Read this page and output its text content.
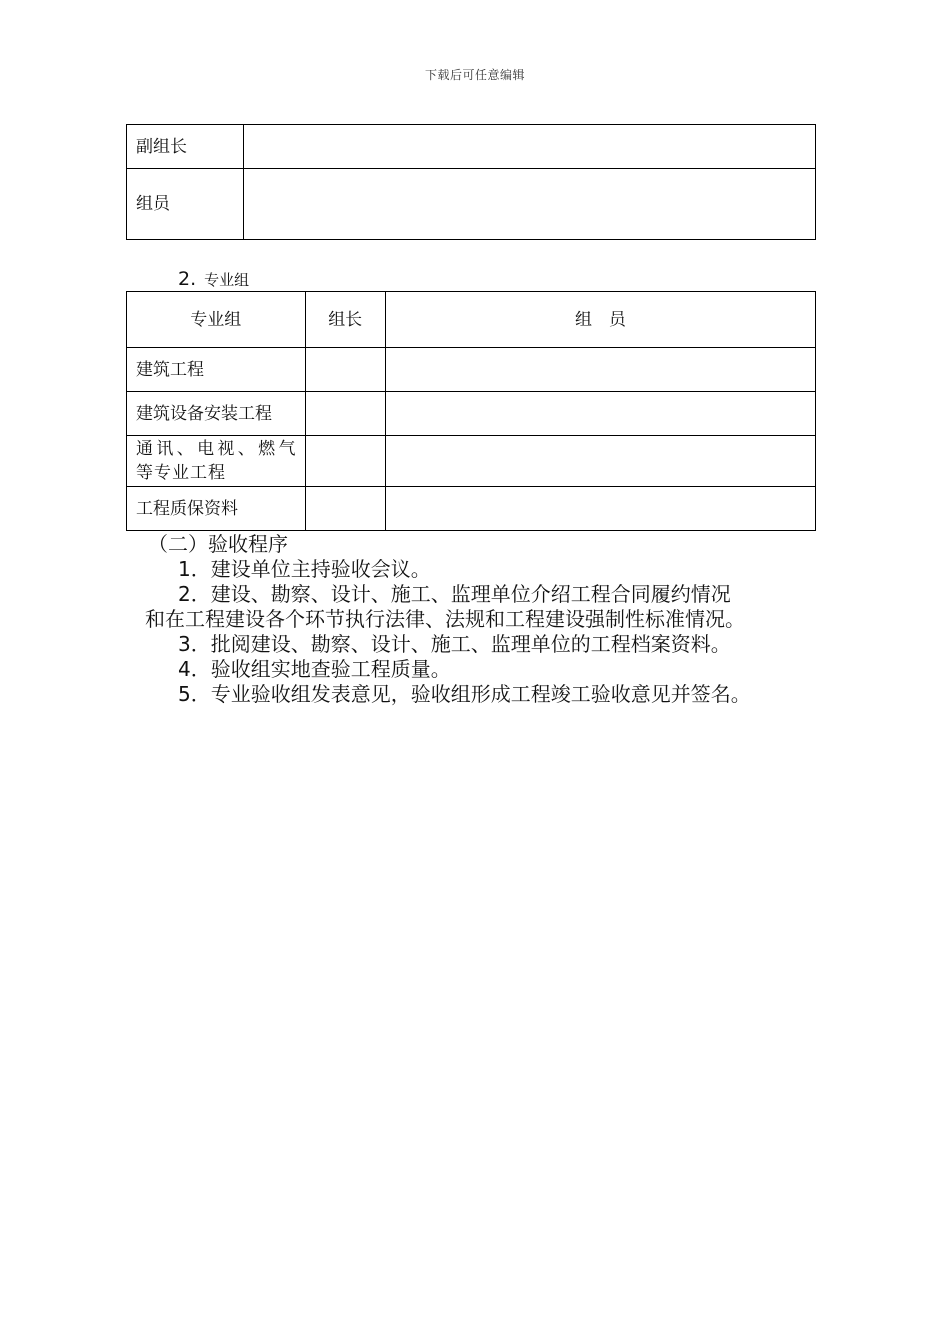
下载后可任意编辑
副组长	
组员	
2. 专业组
专业组	组长	组　员
建筑工程		
建筑设备安装工程		
通讯、电视、燃气等专业工程		
工程质保资料		

（二）验收程序

1．建设单位主持验收会议。

2．建设、勘察、设计、施工、监理单位介绍工程合同履约情况

和在工程建设各个环节执行法律、法规和工程建设强制性标准情况。

3．批阅建设、勘察、设计、施工、监理单位的工程档案资料。

4．验收组实地查验工程质量。

5．专业验收组发表意见，验收组形成工程竣工验收意见并签名。
